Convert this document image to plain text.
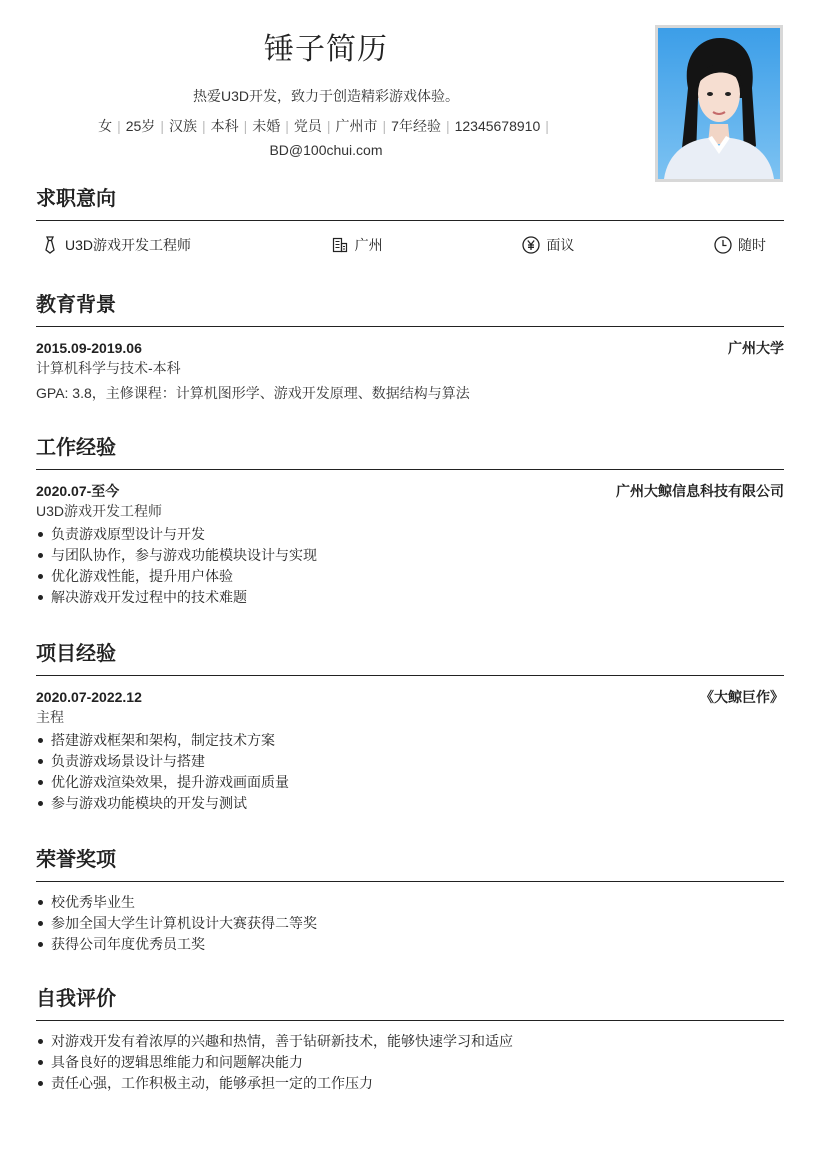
锤子简历
热爱U3D开发，致力于创造精彩游戏体验。
女 | 25岁 | 汉族 | 本科 | 未婚 | 党员 | 广州市 | 7年经验 | 12345678910 |
BD@100chui.com
求职意向
U3D游戏开发工程师	广州	面议	随时
教育背景
2015.09-2019.06	广州大学
计算机科学与技术-本科
GPA: 3.8，主修课程：计算机图形学、游戏开发原理、数据结构与算法
工作经验
2020.07-至今	广州大鲸信息科技有限公司
U3D游戏开发工程师
负责游戏原型设计与开发
与团队协作，参与游戏功能模块设计与实现
优化游戏性能，提升用户体验
解决游戏开发过程中的技术难题
项目经验
2020.07-2022.12	《大鲸巨作》
主程
搭建游戏框架和架构，制定技术方案
负责游戏场景设计与搭建
优化游戏渲染效果，提升游戏画面质量
参与游戏功能模块的开发与测试
荣誉奖项
校优秀毕业生
参加全国大学生计算机设计大赛获得二等奖
获得公司年度优秀员工奖
自我评价
对游戏开发有着浓厚的兴趣和热情，善于钻研新技术，能够快速学习和适应
具备良好的逻辑思维能力和问题解决能力
责任心强，工作积极主动，能够承担一定的工作压力
